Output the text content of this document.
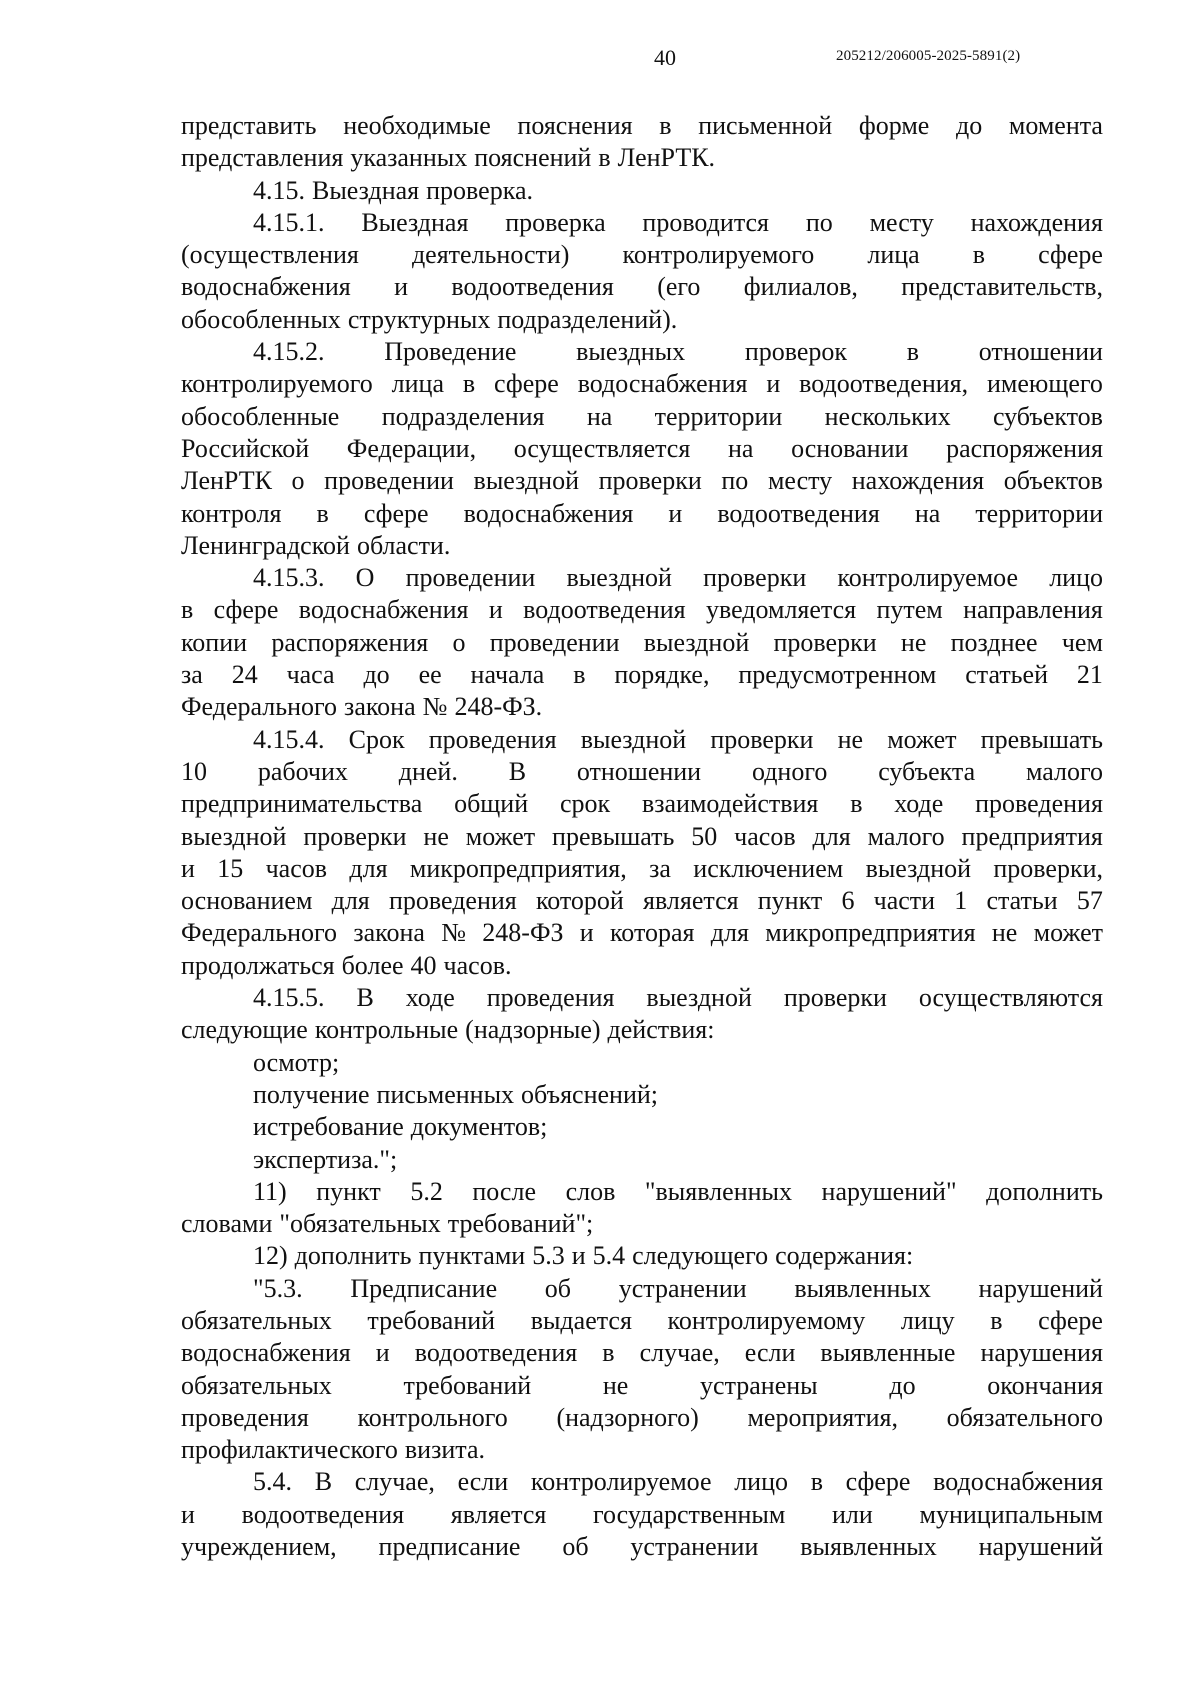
40	205212/206005-2025-5891(2)
представить необходимые пояснения в письменной форме до момента
представления указанных пояснений в ЛенРТК.
4.15. Выездная проверка.
4.15.1. Выездная проверка проводится по месту нахождения
(осуществления деятельности) контролируемого лица в сфере
водоснабжения и водоотведения (его филиалов, представительств,
обособленных структурных подразделений).
4.15.2. Проведение выездных проверок в отношении
контролируемого лица в сфере водоснабжения и водоотведения, имеющего
обособленные подразделения на территории нескольких субъектов
Российской Федерации, осуществляется на основании распоряжения
ЛенРТК о проведении выездной проверки по месту нахождения объектов
контроля в сфере водоснабжения и водоотведения на территории
Ленинградской области.
4.15.3. О проведении выездной проверки контролируемое лицо
в сфере водоснабжения и водоотведения уведомляется путем направления
копии распоряжения о проведении выездной проверки не позднее чем
за 24 часа до ее начала в порядке, предусмотренном статьей 21
Федерального закона № 248-ФЗ.
4.15.4. Срок проведения выездной проверки не может превышать
10 рабочих дней. В отношении одного субъекта малого
предпринимательства общий срок взаимодействия в ходе проведения
выездной проверки не может превышать 50 часов для малого предприятия
и 15 часов для микропредприятия, за исключением выездной проверки,
основанием для проведения которой является пункт 6 части 1 статьи 57
Федерального закона № 248-ФЗ и которая для микропредприятия не может
продолжаться более 40 часов.
4.15.5. В ходе проведения выездной проверки осуществляются
следующие контрольные (надзорные) действия:
осмотр;
получение письменных объяснений;
истребование документов;
экспертиза.";
11) пункт 5.2 после слов "выявленных нарушений" дополнить
словами "обязательных требований";
12) дополнить пунктами 5.3 и 5.4 следующего содержания:
"5.3. Предписание об устранении выявленных нарушений
обязательных требований выдается контролируемому лицу в сфере
водоснабжения и водоотведения в случае, если выявленные нарушения
обязательных	требований	не	устранены	до	окончания
проведения контрольного (надзорного) мероприятия, обязательного
профилактического визита.
5.4. В случае, если контролируемое лицо в сфере водоснабжения
и водоотведения является государственным или муниципальным
учреждением, предписание об устранении выявленных нарушений
